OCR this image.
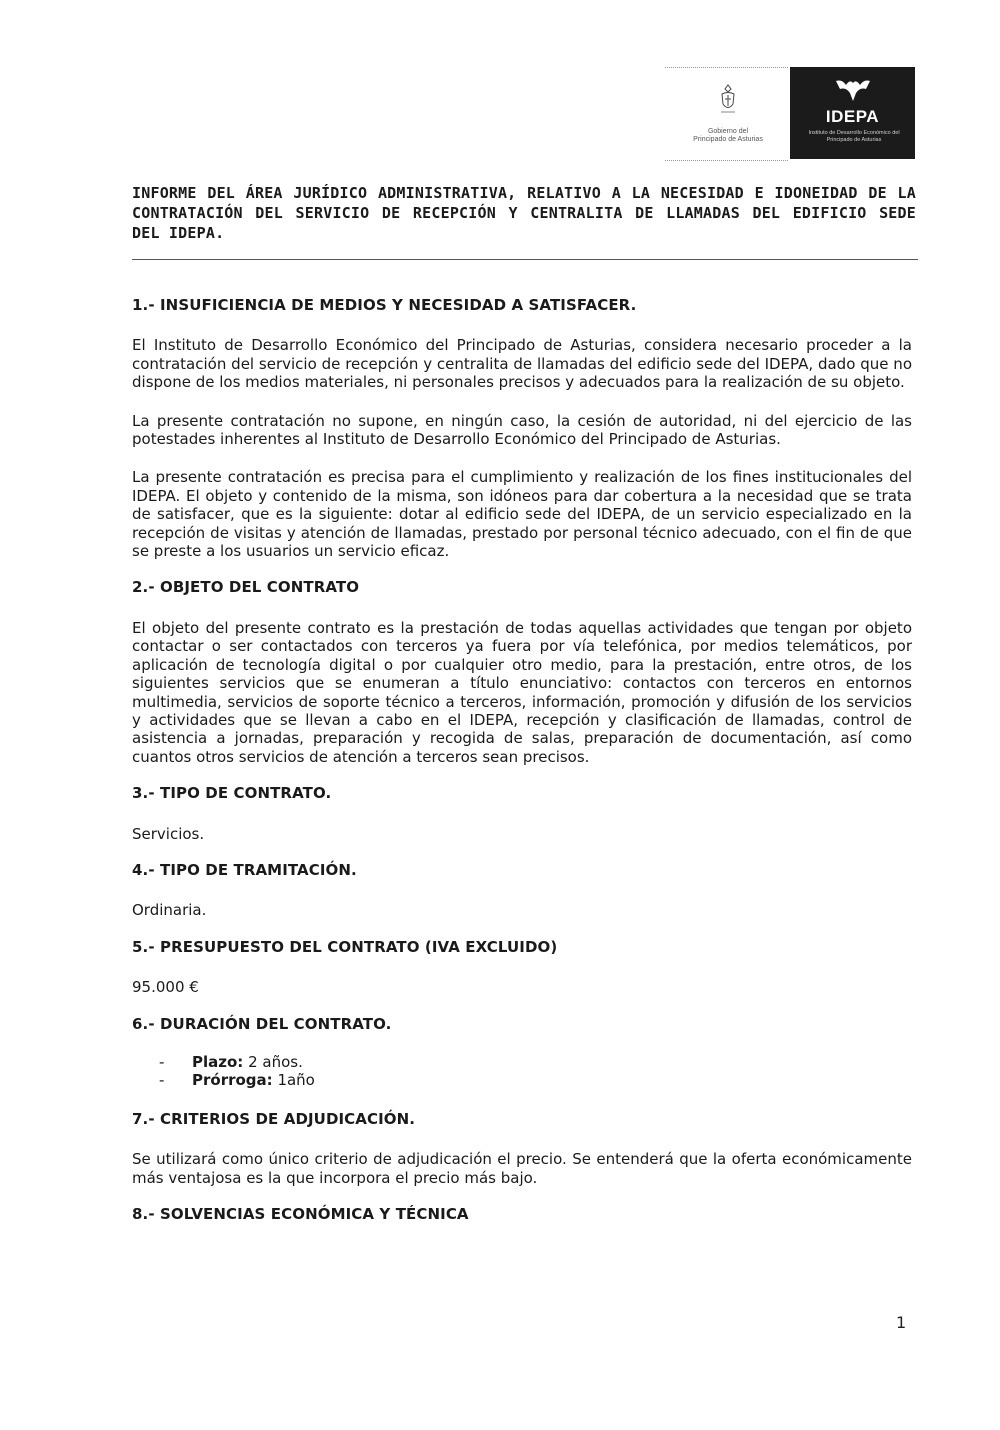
Gobierno del
Principado de Asturias
IDEPA
Instituto de Desarrollo Económico del Principado de Asturias
INFORME DEL ÁREA JURÍDICO ADMINISTRATIVA, RELATIVO A LA NECESIDAD E IDONEIDAD DE LA CONTRATACIÓN DEL SERVICIO DE RECEPCIÓN Y CENTRALITA DE LLAMADAS DEL EDIFICIO SEDE DEL IDEPA.
1.- INSUFICIENCIA DE MEDIOS Y NECESIDAD A SATISFACER.

El Instituto de Desarrollo Económico del Principado de Asturias, considera necesario proceder a la contratación del servicio de recepción y centralita de llamadas del edificio sede del IDEPA, dado que no dispone de los medios materiales, ni personales precisos y adecuados para la realización de su objeto.

La presente contratación no supone, en ningún caso, la cesión de autoridad, ni del ejercicio de las potestades inherentes al Instituto de Desarrollo Económico del Principado de Asturias.

La presente contratación es precisa para el cumplimiento y realización de los fines institucionales del IDEPA. El objeto y contenido de la misma, son idóneos para dar cobertura a la necesidad que se trata de satisfacer, que es la siguiente: dotar al edificio sede del IDEPA, de un servicio especializado en la recepción de visitas y atención de llamadas, prestado por personal técnico adecuado, con el fin de que se preste a los usuarios un servicio eficaz.

2.- OBJETO DEL CONTRATO

El objeto del presente contrato es la prestación de todas aquellas actividades que tengan por objeto contactar o ser contactados con terceros ya fuera por vía telefónica, por medios telemáticos, por aplicación de tecnología digital o por cualquier otro medio, para la prestación, entre otros, de los siguientes servicios que se enumeran a título enunciativo: contactos con terceros en entornos multimedia, servicios de soporte técnico a terceros, información, promoción y difusión de los servicios y actividades que se llevan a cabo en el IDEPA, recepción y clasificación de llamadas, control de asistencia a jornadas, preparación y recogida de salas, preparación de documentación, así como cuantos otros servicios de atención a terceros sean precisos.

3.- TIPO DE CONTRATO.

Servicios.

4.- TIPO DE TRAMITACIÓN.

Ordinaria.

5.- PRESUPUESTO DEL CONTRATO (IVA EXCLUIDO)

95.000 €

6.- DURACIÓN DEL CONTRATO.
- Plazo: 2 años.
- Prórroga: 1año
7.- CRITERIOS DE ADJUDICACIÓN.

Se utilizará como único criterio de adjudicación el precio. Se entenderá que la oferta económicamente más ventajosa es la que incorpora el precio más bajo.

8.- SOLVENCIAS ECONÓMICA Y TÉCNICA
1
